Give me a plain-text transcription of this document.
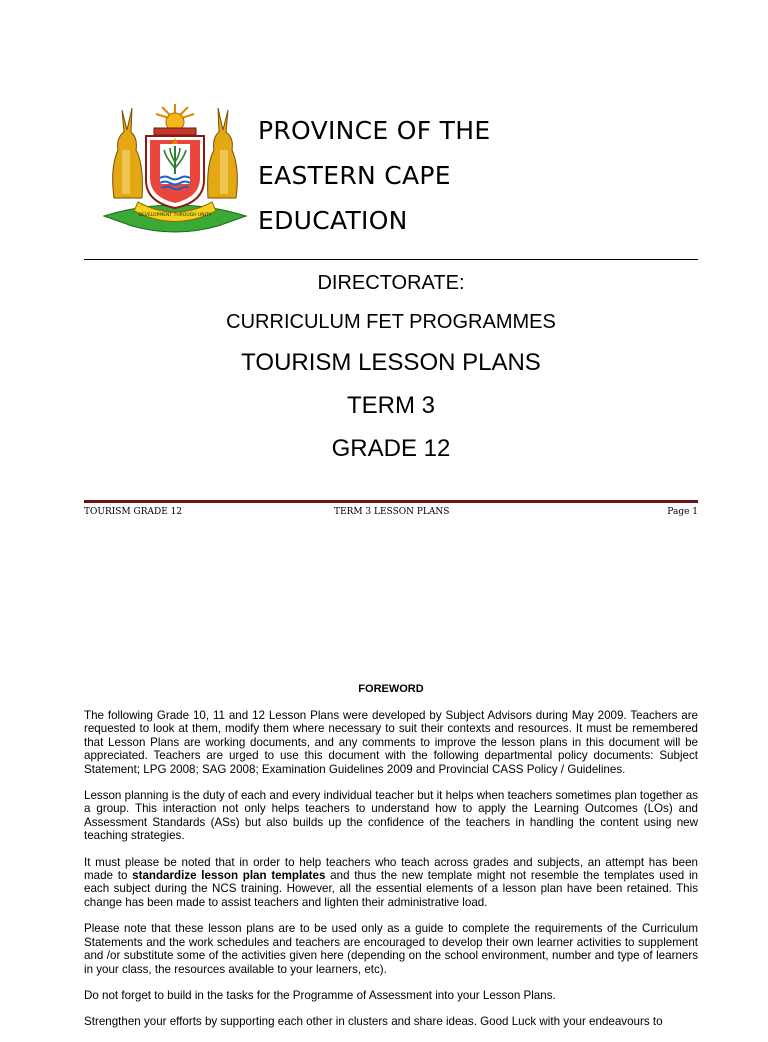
DEVELOPMENT THROUGH UNITY
PROVINCE OF THE
EASTERN CAPE
EDUCATION
DIRECTORATE:
CURRICULUM FET PROGRAMMES
TOURISM LESSON PLANS
TERM 3
GRADE 12
TOURISM GRADE 12	TERM 3 LESSON PLANS	Page 1
FOREWORD

The following Grade 10, 11 and 12 Lesson Plans were developed by Subject Advisors during May 2009. Teachers are requested to look at them, modify them where necessary to suit their contexts and resources. It must be remembered that Lesson Plans are working documents, and any comments to improve the lesson plans in this document will be appreciated. Teachers are urged to use this document with the following departmental policy documents: Subject Statement; LPG 2008; SAG 2008; Examination Guidelines 2009 and Provincial CASS Policy / Guidelines.

Lesson planning is the duty of each and every individual teacher but it helps when teachers sometimes plan together as a group. This interaction not only helps teachers to understand how to apply the Learning Outcomes (LOs) and Assessment Standards (ASs) but also builds up the confidence of the teachers in handling the content using new teaching strategies.

It must please be noted that in order to help teachers who teach across grades and subjects, an attempt has been made to standardize lesson plan templates and thus the new template might not resemble the templates used in each subject during the NCS training. However, all the essential elements of a lesson plan have been retained. This change has been made to assist teachers and lighten their administrative load.

Please note that these lesson plans are to be used only as a guide to complete the requirements of the Curriculum Statements and the work schedules and teachers are encouraged to develop their own learner activities to supplement and /or substitute some of the activities given here (depending on the school environment, number and type of learners in your class, the resources available to your learners, etc).

Do not forget to build in the tasks for the Programme of Assessment into your Lesson Plans.

Strengthen your efforts by supporting each other in clusters and share ideas. Good Luck with your endeavours to
